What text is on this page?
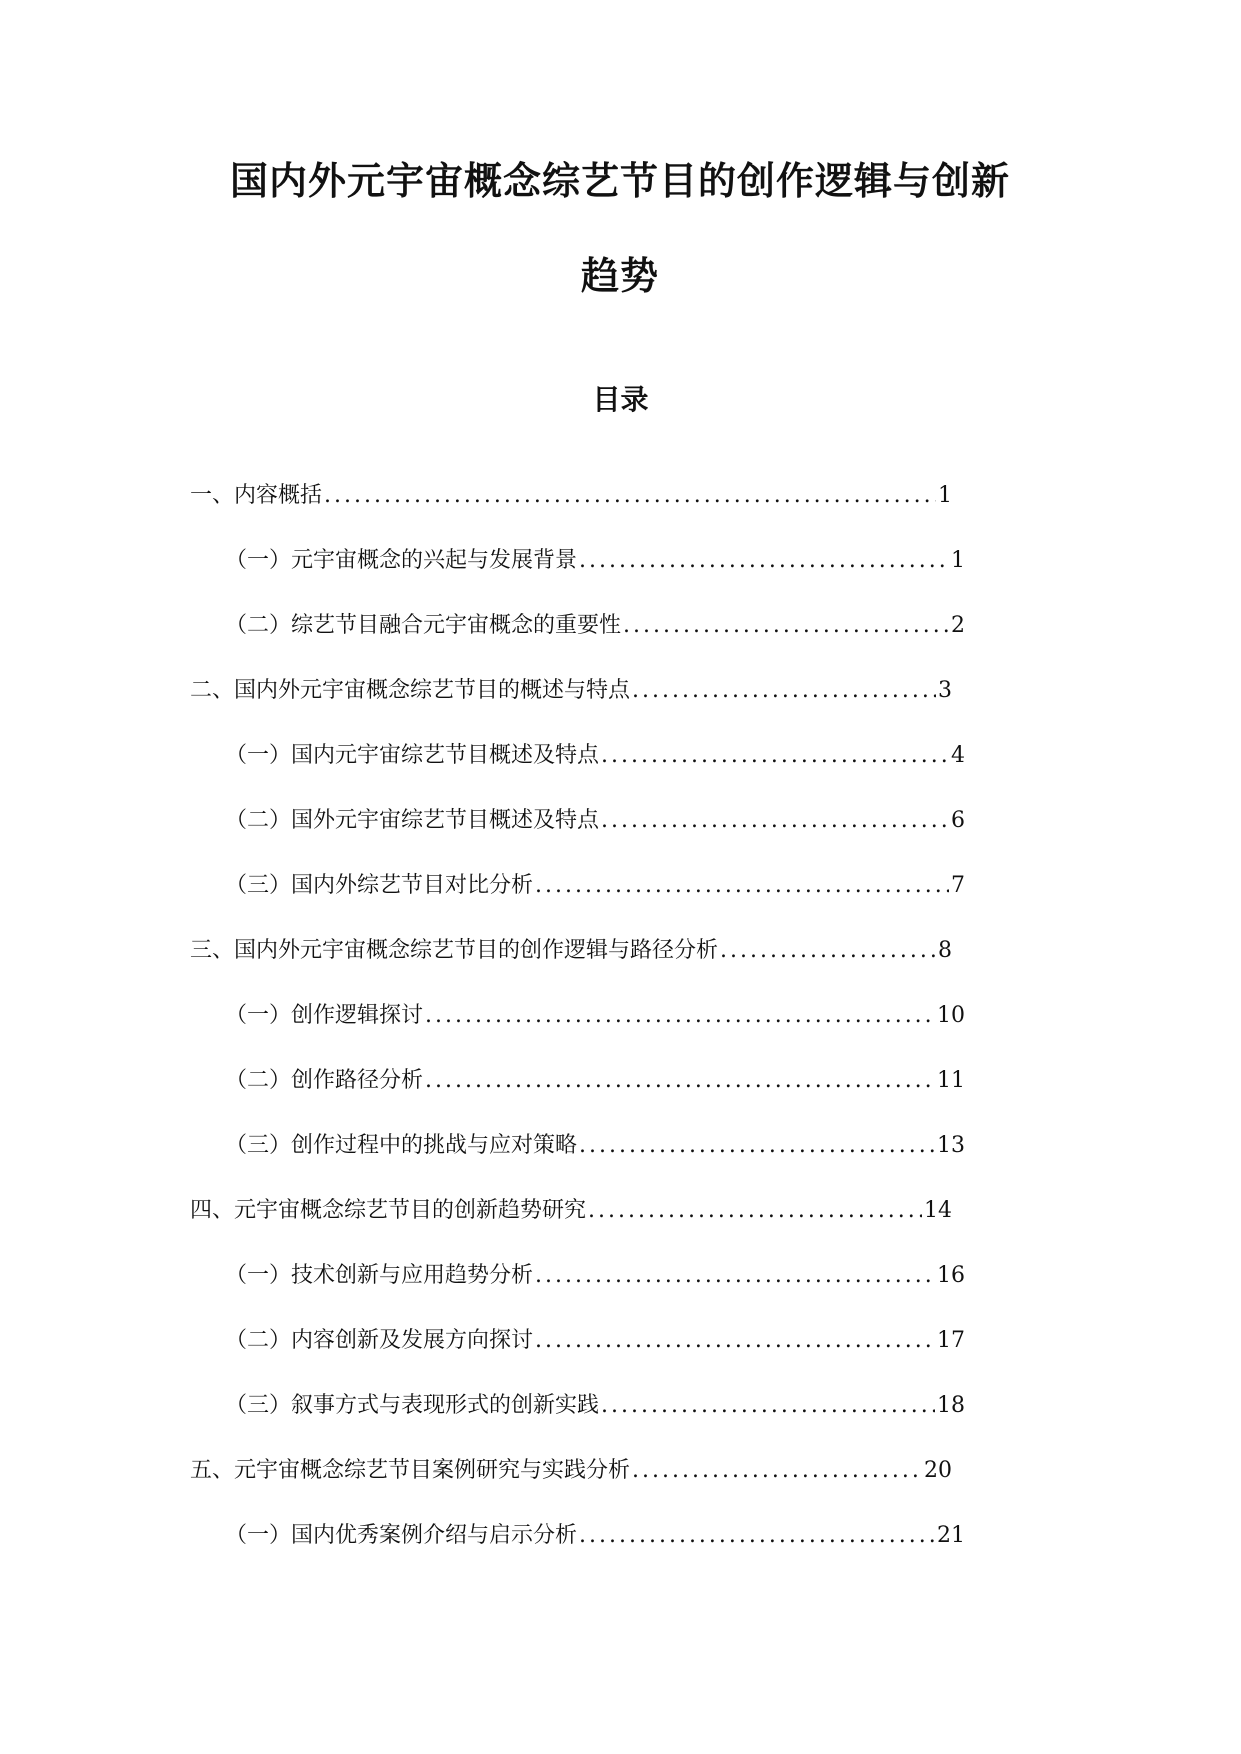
国内外元宇宙概念综艺节目的创作逻辑与创新
趋势
目录
一、内容概括 .....	1
（一）元宇宙概念的兴起与发展背景 .....	1
（二）综艺节目融合元宇宙概念的重要性 .....	2
二、国内外元宇宙概念综艺节目的概述与特点 .....	3
（一）国内元宇宙综艺节目概述及特点 .....	4
（二）国外元宇宙综艺节目概述及特点 .....	6
（三）国内外综艺节目对比分析 .....	7
三、国内外元宇宙概念综艺节目的创作逻辑与路径分析 .....	8
（一）创作逻辑探讨 .....	10
（二）创作路径分析 .....	11
（三）创作过程中的挑战与应对策略 .....	13
四、元宇宙概念综艺节目的创新趋势研究 .....	14
（一）技术创新与应用趋势分析 .....	16
（二）内容创新及发展方向探讨 .....	17
（三）叙事方式与表现形式的创新实践 .....	18
五、元宇宙概念综艺节目案例研究与实践分析 .....	20
（一）国内优秀案例介绍与启示分析 .....	21
